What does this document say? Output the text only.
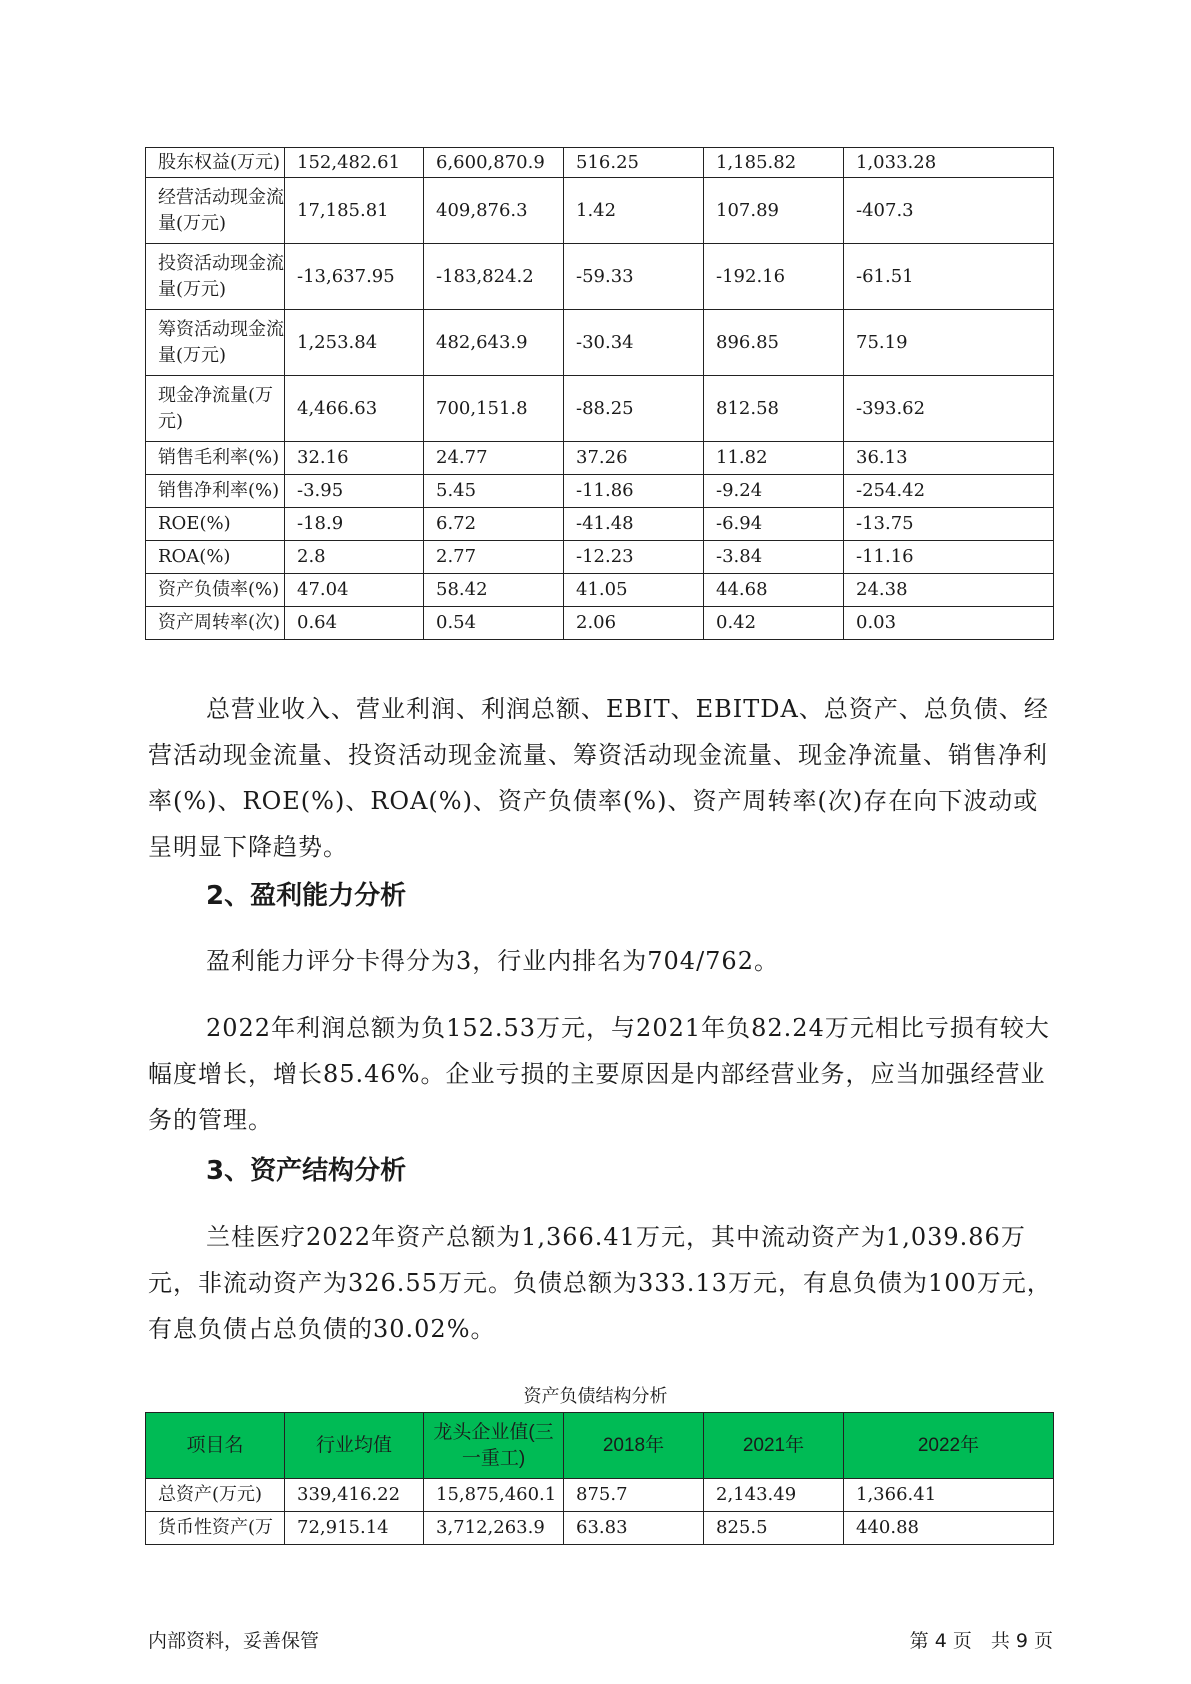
股东权益(万元)	152,482.61	6,600,870.9	516.25	1,185.82	1,033.28
经营活动现金流量(万元)	17,185.81	409,876.3	1.42	107.89	-407.3
投资活动现金流量(万元)	-13,637.95	-183,824.2	-59.33	-192.16	-61.51
筹资活动现金流量(万元)	1,253.84	482,643.9	-30.34	896.85	75.19
现金净流量(万元)	4,466.63	700,151.8	-88.25	812.58	-393.62
销售毛利率(%)	32.16	24.77	37.26	11.82	36.13
销售净利率(%)	-3.95	5.45	-11.86	-9.24	-254.42
ROE(%)	-18.9	6.72	-41.48	-6.94	-13.75
ROA(%)	2.8	2.77	-12.23	-3.84	-11.16
资产负债率(%)	47.04	58.42	41.05	44.68	24.38
资产周转率(次)	0.64	0.54	2.06	0.42	0.03

总营业收入、营业利润、利润总额、EBIT、EBITDA、总资产、总负债、经营活动现金流量、投资活动现金流量、筹资活动现金流量、现金净流量、销售净利率(%)、ROE(%)、ROA(%)、资产负债率(%)、资产周转率(次)存在向下波动或呈明显下降趋势。

2、盈利能力分析

盈利能力评分卡得分为3，行业内排名为704/762。

2022年利润总额为负152.53万元，与2021年负82.24万元相比亏损有较大幅度增长，增长85.46%。企业亏损的主要原因是内部经营业务，应当加强经营业务的管理。

3、资产结构分析

兰桂医疗2022年资产总额为1,366.41万元，其中流动资产为1,039.86万元，非流动资产为326.55万元。负债总额为333.13万元，有息负债为100万元，有息负债占总负债的30.02%。

资产负债结构分析

项目名	行业均值	龙头企业值(三一重工)	2018年	2021年	2022年
总资产(万元)	339,416.22	15,875,460.1	875.7	2,143.49	1,366.41
货币性资产(万	72,915.14	3,712,263.9	63.83	825.5	440.88
内部资料，妥善保管	第 4 页　共 9 页
